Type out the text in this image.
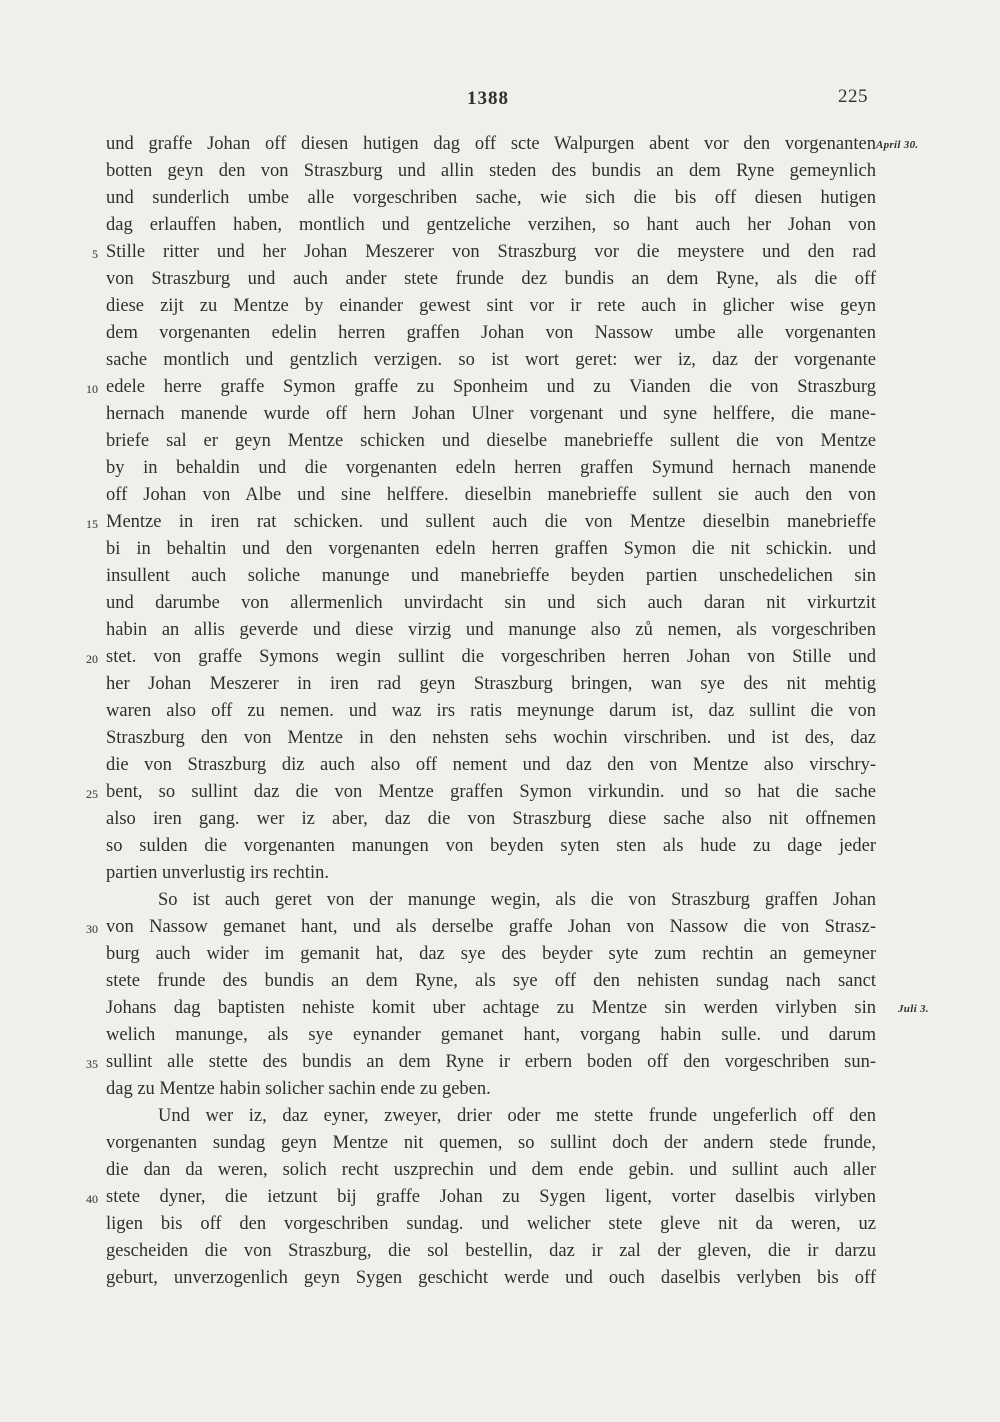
1388	225
und graffe Johan off diesen hutigen dag off scte Walpurgen abent vor den vorgenanten April 30.
botten geyn den von Straszburg und allin steden des bundis an dem Ryne gemeynlich
und sunderlich umbe alle vorgeschriben sache, wie sich die bis off diesen hutigen
dag erlauffen haben, montlich und gentzeliche verzihen, so hant auch her Johan von
5 Stille ritter und her Johan Meszerer von Straszburg vor die meystere und den rad
von Straszburg und auch ander stete frunde dez bundis an dem Ryne, als die off
diese zijt zu Mentze by einander gewest sint vor ir rete auch in glicher wise geyn
dem vorgenanten edelin herren graffen Johan von Nassow umbe alle vorgenanten
sache montlich und gentzlich verzigen. so ist wort geret: wer iz, daz der vorgenante
10 edele herre graffe Symon graffe zu Sponheim und zu Vianden die von Straszburg
hernach manende wurde off hern Johan Ulner vorgenant und syne helffere, die mane-
briefe sal er geyn Mentze schicken und dieselbe manebrieffe sullent die von Mentze
by in behaldin und die vorgenanten edeln herren graffen Symund hernach manende
off Johan von Albe und sine helffere. dieselbin manebrieffe sullent sie auch den von
15 Mentze in iren rat schicken. und sullent auch die von Mentze dieselbin manebrieffe
bi in behaltin und den vorgenanten edeln herren graffen Symon die nit schickin. und
insullent auch soliche manunge und manebrieffe beyden partien unschedelichen sin
und darumbe von allermenlich unvirdacht sin und sich auch daran nit virkurtzit
habin an allis geverde und diese virzig und manunge also zů nemen, als vorgeschriben
20 stet. von graffe Symons wegin sullint die vorgeschriben herren Johan von Stille und
her Johan Meszerer in iren rad geyn Straszburg bringen, wan sye des nit mehtig
waren also off zu nemen. und waz irs ratis meynunge darum ist, daz sullint die von
Straszburg den von Mentze in den nehsten sehs wochin virschriben. und ist des, daz
die von Straszburg diz auch also off nement und daz den von Mentze also virschry-
25 bent, so sullint daz die von Mentze graffen Symon virkundin. und so hat die sache
also iren gang. wer iz aber, daz die von Straszburg diese sache also nit offnemen
so sulden die vorgenanten manungen von beyden syten sten als hude zu dage jeder
partien unverlustig irs rechtin.
So ist auch geret von der manunge wegin, als die von Straszburg graffen Johan
30 von Nassow gemanet hant, und als derselbe graffe Johan von Nassow die von Strasz-
burg auch wider im gemanit hat, daz sye des beyder syte zum rechtin an gemeyner
stete frunde des bundis an dem Ryne, als sye off den nehisten sundag nach sanct
Johans dag baptisten nehiste komit uber achtage zu Mentze sin werden virlyben sin Juli 3.
welich manunge, als sye eynander gemanet hant, vorgang habin sulle. und darum
35 sullint alle stette des bundis an dem Ryne ir erbern boden off den vorgeschriben sun-
dag zu Mentze habin solicher sachin ende zu geben.
Und wer iz, daz eyner, zweyer, drier oder me stette frunde ungeferlich off den
vorgenanten sundag geyn Mentze nit quemen, so sullint doch der andern stede frunde,
die dan da weren, solich recht uszprechin und dem ende gebin. und sullint auch aller
40 stete dyner, die ietzunt bij graffe Johan zu Sygen ligent, vorter daselbis virlyben
ligen bis off den vorgeschriben sundag. und welicher stete gleve nit da weren, uz
gescheiden die von Straszburg, die sol bestellin, daz ir zal der gleven, die ir darzu
geburt, unverzogenlich geyn Sygen geschicht werde und ouch daselbis verlyben bis off
